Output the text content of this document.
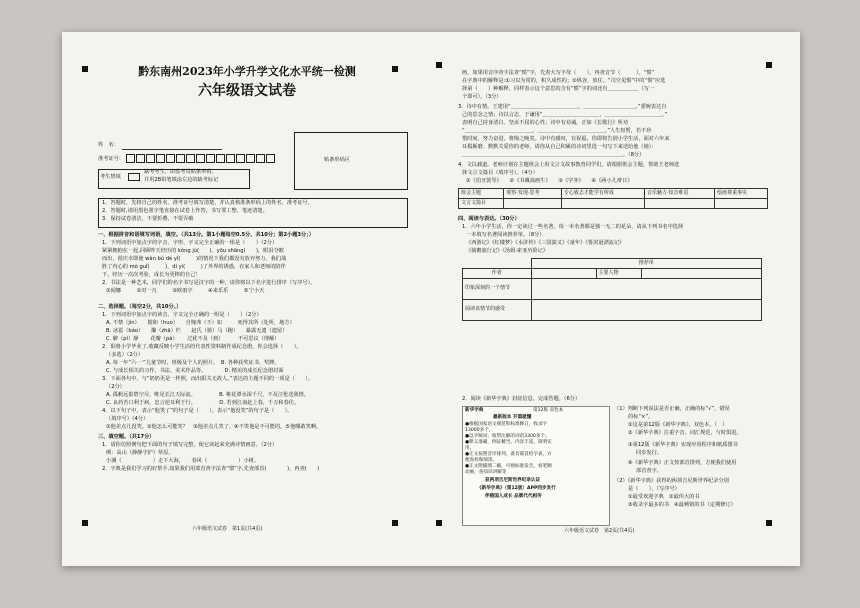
黔东南州2023年小学升学文化水平统一检测
六年级语文试卷
姓　名：
准考证号：
考生禁填
缺考考生，由监考员贴条形码，
并用2B铅笔填涂左边的缺考标记
贴条形码区
1．答题时，先将自己的姓名、准考证号填写清楚，并认真核准条形码上的姓名、准考证号。
2．答题时,请用黑色墨字笔直接在试卷上作答，书写要工整、笔迹清楚。
3．保持试卷清洁，不要折叠、不要弄破
一、根据拼音和语境写词语，填空。（共13分。第1小题每空0.5分，共10分；第2小题3分；）
1．下列词语中加点字的字音、字形、字义完全正确的一组是（　　）（2分）
紧紧拥抱在一起,回顾昨天经历的 kǒng jù(　　)、yōu shāng(　　)，眼泪夺眶
而出，很庆幸即使 wàn bù dé yǐ(　　　)的情况下我们都没有放弃努力，我们战
胜了内心的 mó guǐ(　　　)、dí yì(　　　)了外界的诱惑，在家人和老师的陪伴
下，经历一次次考验，成长为更棒的自己！
2．书法是一种艺术，同学们的名字书写是汉字的一种，请你将以下名字进行排序（写序号）。
①闻娜　　　②对一凡　　　③欧雨宇　　　④来乐乐　　　⑤宁小天
二、选择题。（每空2分，共10分。）
1．下列词语中加点字的读音、字义完全正确的一组是（　　）（2分）
A. 不禁（jìn）　　搅和（huo）　　自愧弗（不）如　　　死得其所（处所，地方）
B. 冰雹（báo）　　攥（zhā）栏　　赵氏（骑）马（跑）　　暴露无遗（遗留）
C. 僻（pì）静　　 花瓣（pá）　　 过犹不及（到）　　　 不可思议（理解）
2．阳将小学毕业了,收藏反映小学生活的代表性资料制作成纪念册，你会选择（　　）。
（多选）（2分）
A. 每一年“六·一”儿童节时，班级及个人的照片。　B. 各种获奖证书、奖牌。
C. 与成长相关的习作、书法、美术作品等。　　　　D. 精美的成长纪念册封面
3．下面各句中，与“奶奶更是一样照，而出阳关无故人。”表达的主题不同的一项是（　　）。
（2分）
A. 孤帆远影碧空尽，唯见长江天际流。　　　　　B. 桃花潭水深千尺，不及汪伦送我情。
C. 良药苦口利于病，忠言逆耳利于行。　　　　　D. 若到江南赶上春，千万和春住。
4．以下句子中，表示“他笑了”的句子是（　　），表示“他没笑”的句子是（　　）。
（填序号）（4分）
①他差点儿没笑。②他怎么可能笑？　③他差点儿笑了。④不笑他是不可能的。⑤他哪敢笑啊。
三、填空题。（共17分）
1．请你仿照例句把下面的句子填写完整，使它读起来充满诗情画意。（2分）
例：高山（静静守护）草原，
小溪（　　　　　　）走下大海，　　春风（　　　　　　）小树。
2．字典是我们学习的好帮手,如果我们用部首查字法查“惯”字,先查部首(　　　　)，再查(　　)
六年级语文试卷　第1页(共4页)
画，如果用音序查字法查“惯”字，先查大写字母（　　），再查音节（　　　）。“惯”
在字典中的解释是:①习以为常的，积久成性的；②纵容，放任。“司空见惯”中的“惯”应选
择第（　　）种解释，同样表示这个意思的含有“惯”字的词还有＿＿＿＿＿＿（写一
个即可）。（3分）
3．诗中有情。王建用“＿＿＿＿＿＿＿＿＿＿＿＿＿，＿＿＿＿＿＿＿＿＿＿。”委婉表达自
己的思念之情；诗以言志，于谦用“＿＿＿＿＿＿＿＿＿＿＿，＿＿＿＿＿＿＿＿＿＿＿。”
表明自己持身清白、坚贞不屈的心性；诗中有劝诫，正如《长歌行》所劝
“＿＿＿＿＿＿＿＿＿＿＿＿＿，＿＿＿＿＿＿＿＿＿＿＿＿＿。”人生短暂，若不珍
惜时间，努力奋进，将悔之晚矣。诗中有感叹，有祝福，你即将告别小学生活，面对六年来
耳鬓厮磨、默默关爱你的老师，请你从自己积累的诗词里选一句写下来送给他（她）：
＿＿＿＿＿＿＿＿＿＿＿＿＿＿＿＿＿＿＿＿＿＿＿＿＿＿＿＿＿＿＿。（8分）
4．文以载道。老师计划在主题班会上用文言文故事教育同学们，请根据班会主题，帮助王老师选
择文言文篇目（填序号）。（4分）
①《伯牙鼓琴》　　②《书戴嵩画牛》　　③《学弈》　　④《两小儿辩日》
班会主题	观察·发现·思考	专心致志才能学有所成	音乐魅力·知音难觅	绘画尊重事实
文言文篇目				
四、阅读与表达。（30分）
1．六年小学生活，你一定读过一些名著，每一本名著都是独一无二的花朵，请从下列书名中选择
一本填写名著阅读推荐单。（8分）
《西游记》《红楼梦》《水浒传》《三国演义》《童年》《鲁滨逊漂流记》
《骑鹅旅行记》《汤姆·索亚历险记》
	推荐单		
作者		主要人物	
印象深刻的一个情节			
阅读该情节的感受			
2．阅读《新华字典》封底信息，完成答题。（6分）
新华字典	第12版 双色本
最新版本 开篇就懂
●根据国家语文规范和标准修订，收录字
13000多个。
●以字统词，收带注解的词语3300多个。
●释义准确，例证精当，内容丰富，简明实
用。
●正文按照音序排列，备有部首检字表，方
便查检和阅读。
●正文附插图二幅，可视标准发音，看笔顺
动画，查知识讲解等
获两项吉尼斯世界纪录认证
《新华字典》（第12版）APP同步发行
伴随国人成长 品牌代代相传
（1）判断下列说法是否正确，正确的标“√”，错误
的标“×”。
①这是第12版《新华字典》，双色本。（　）
②《新华字典》注重字音、词汇规范，与时俱进。
③第12版《新华字典》实现应用程序和纸质图书
同步发行。
④《新华字典》正文按部首排列，方便我们使用
部首查字。
（2）《新华字典》获得的两项吉尼斯世界纪录分别
是（　　），（写序号）
①最受欢迎字典　②最伟大的书
③收录字最多的书　④最畅销的书（定期修订）
六年级语文试卷　第2页(共4页)
